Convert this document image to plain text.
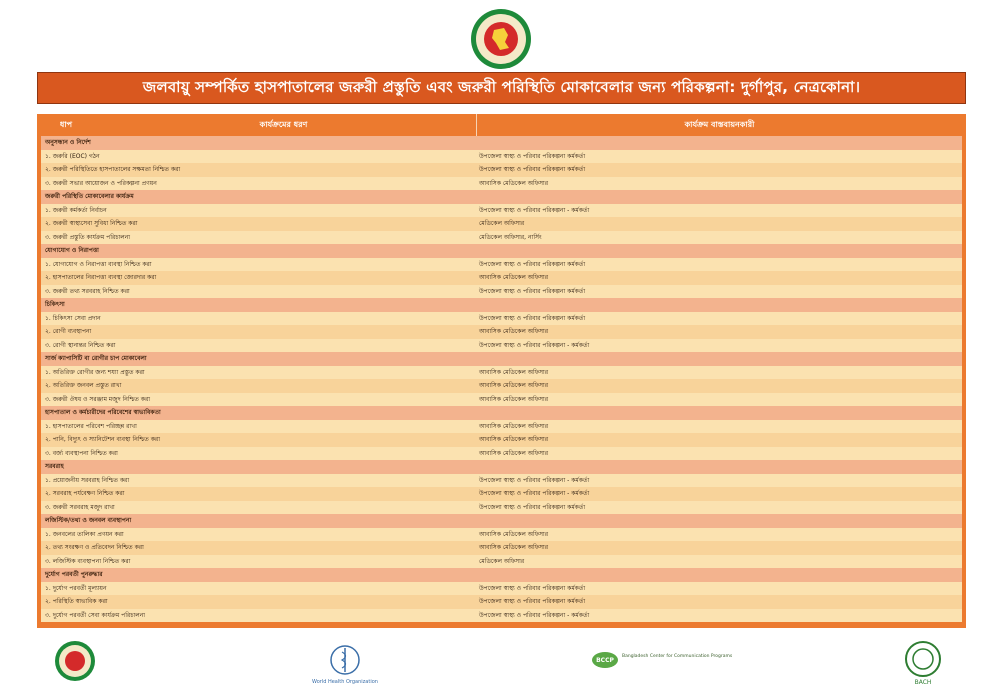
জলবায়ু সম্পর্কিত হাসপাতালের জরুরী প্রস্তুতি এবং জরুরী পরিস্থিতি মোকাবেলার জন্য পরিকল্পনা: দুর্গাপুর, নেত্রকোনা।
ধাপ	কার্যক্রমের ধরণ	কার্যক্রম বাস্তবায়নকারী
অনুসন্ধান ও নির্দেশ
১. জরুরি (EOC) গঠন	উপজেলা স্বাস্থ্য ও পরিবার পরিকল্পনা কর্মকর্তা
২. জরুরী পরিস্থিতিতে হাসপাতালের সক্ষমতা নিশ্চিত করা	উপজেলা স্বাস্থ্য ও পরিবার পরিকল্পনা কর্মকর্তা
৩. জরুরী সভার আয়োজন ও পরিকল্পনা প্রণয়ন	আবাসিক মেডিকেল অফিসার
জরুরী পরিস্থিতি মোকাবেলার কার্যক্রম
১. জরুরী কর্মকর্তা নির্বাচন	উপজেলা স্বাস্থ্য ও পরিবার পরিকল্পনা - কর্মকর্তা
২. জরুরী স্বাস্থ্যসেবা সুবিধা নিশ্চিত করা	মেডিকেল অফিসার
৩. জরুরী প্রস্তুতি কার্যক্রম পরিচালনা	মেডিকেল অফিসার, নার্সিং
যোগাযোগ ও নিরাপত্তা
১. যোগাযোগ ও নিরাপত্তা ব্যবস্থা নিশ্চিত করা	উপজেলা স্বাস্থ্য ও পরিবার পরিকল্পনা কর্মকর্তা
২. হাসপাতালের নিরাপত্তা ব্যবস্থা জোরদার করা	আবাসিক মেডিকেল অফিসার
৩. জরুরী তথ্য সরবরাহ নিশ্চিত করা	উপজেলা স্বাস্থ্য ও পরিবার পরিকল্পনা কর্মকর্তা
চিকিৎসা
১. চিকিৎসা সেবা প্রদান	উপজেলা স্বাস্থ্য ও পরিবার পরিকল্পনা কর্মকর্তা
২. রোগী ব্যবস্থাপনা	আবাসিক মেডিকেল অফিসার
৩. রোগী স্থানান্তর নিশ্চিত করা	উপজেলা স্বাস্থ্য ও পরিবার পরিকল্পনা - কর্মকর্তা
সার্জ ক্যাপাসিটি বা রোগীর চাপ মোকাবেলা
১. অতিরিক্ত রোগীর জন্য শয্যা প্রস্তুত করা	আবাসিক মেডিকেল অফিসার
২. অতিরিক্ত জনবল প্রস্তুত রাখা	আবাসিক মেডিকেল অফিসার
৩. জরুরী ঔষধ ও সরঞ্জাম মজুদ নিশ্চিত করা	আবাসিক মেডিকেল অফিসার
হাসপাতাল ও কর্মচারীদের পরিবেশের স্বাভাবিকতা
১. হাসপাতালের পরিবেশ পরিচ্ছন্ন রাখা	আবাসিক মেডিকেল অফিসার
২. পানি, বিদ্যুৎ ও স্যানিটেশন ব্যবস্থা নিশ্চিত করা	আবাসিক মেডিকেল অফিসার
৩. বর্জ্য ব্যবস্থাপনা নিশ্চিত করা	আবাসিক মেডিকেল অফিসার
সরবরাহ
১. প্রয়োজনীয় সরবরাহ নিশ্চিত করা	উপজেলা স্বাস্থ্য ও পরিবার পরিকল্পনা - কর্মকর্তা
২. সরবরাহ পর্যবেক্ষণ নিশ্চিত করা	উপজেলা স্বাস্থ্য ও পরিবার পরিকল্পনা - কর্মকর্তা
৩. জরুরী সরবরাহ মজুদ রাখা	উপজেলা স্বাস্থ্য ও পরিবার পরিকল্পনা কর্মকর্তা
লজিস্টিক/তথ্য ও জনবল ব্যবস্থাপনা
১. জনবলের তালিকা প্রণয়ন করা	আবাসিক মেডিকেল অফিসার
২. তথ্য সংরক্ষণ ও প্রতিবেদন নিশ্চিত করা	আবাসিক মেডিকেল অফিসার
৩. লজিস্টিক ব্যবস্থাপনা নিশ্চিত করা	মেডিকেল অফিসার
দুর্যোগ পরবর্তী পুনরুদ্ধার
১. দুর্যোগ পরবর্তী মূল্যায়ন	উপজেলা স্বাস্থ্য ও পরিবার পরিকল্পনা কর্মকর্তা
২. পরিস্থিতি স্বাভাবিক করা	উপজেলা স্বাস্থ্য ও পরিবার পরিকল্পনা কর্মকর্তা
৩. দুর্যোগ পরবর্তী সেবা কার্যক্রম পরিচালনা	উপজেলা স্বাস্থ্য ও পরিবার পরিকল্পনা - কর্মকর্তা
World Health Organization
BCCP
Bangladesh Center for Communication Programs
BACH
